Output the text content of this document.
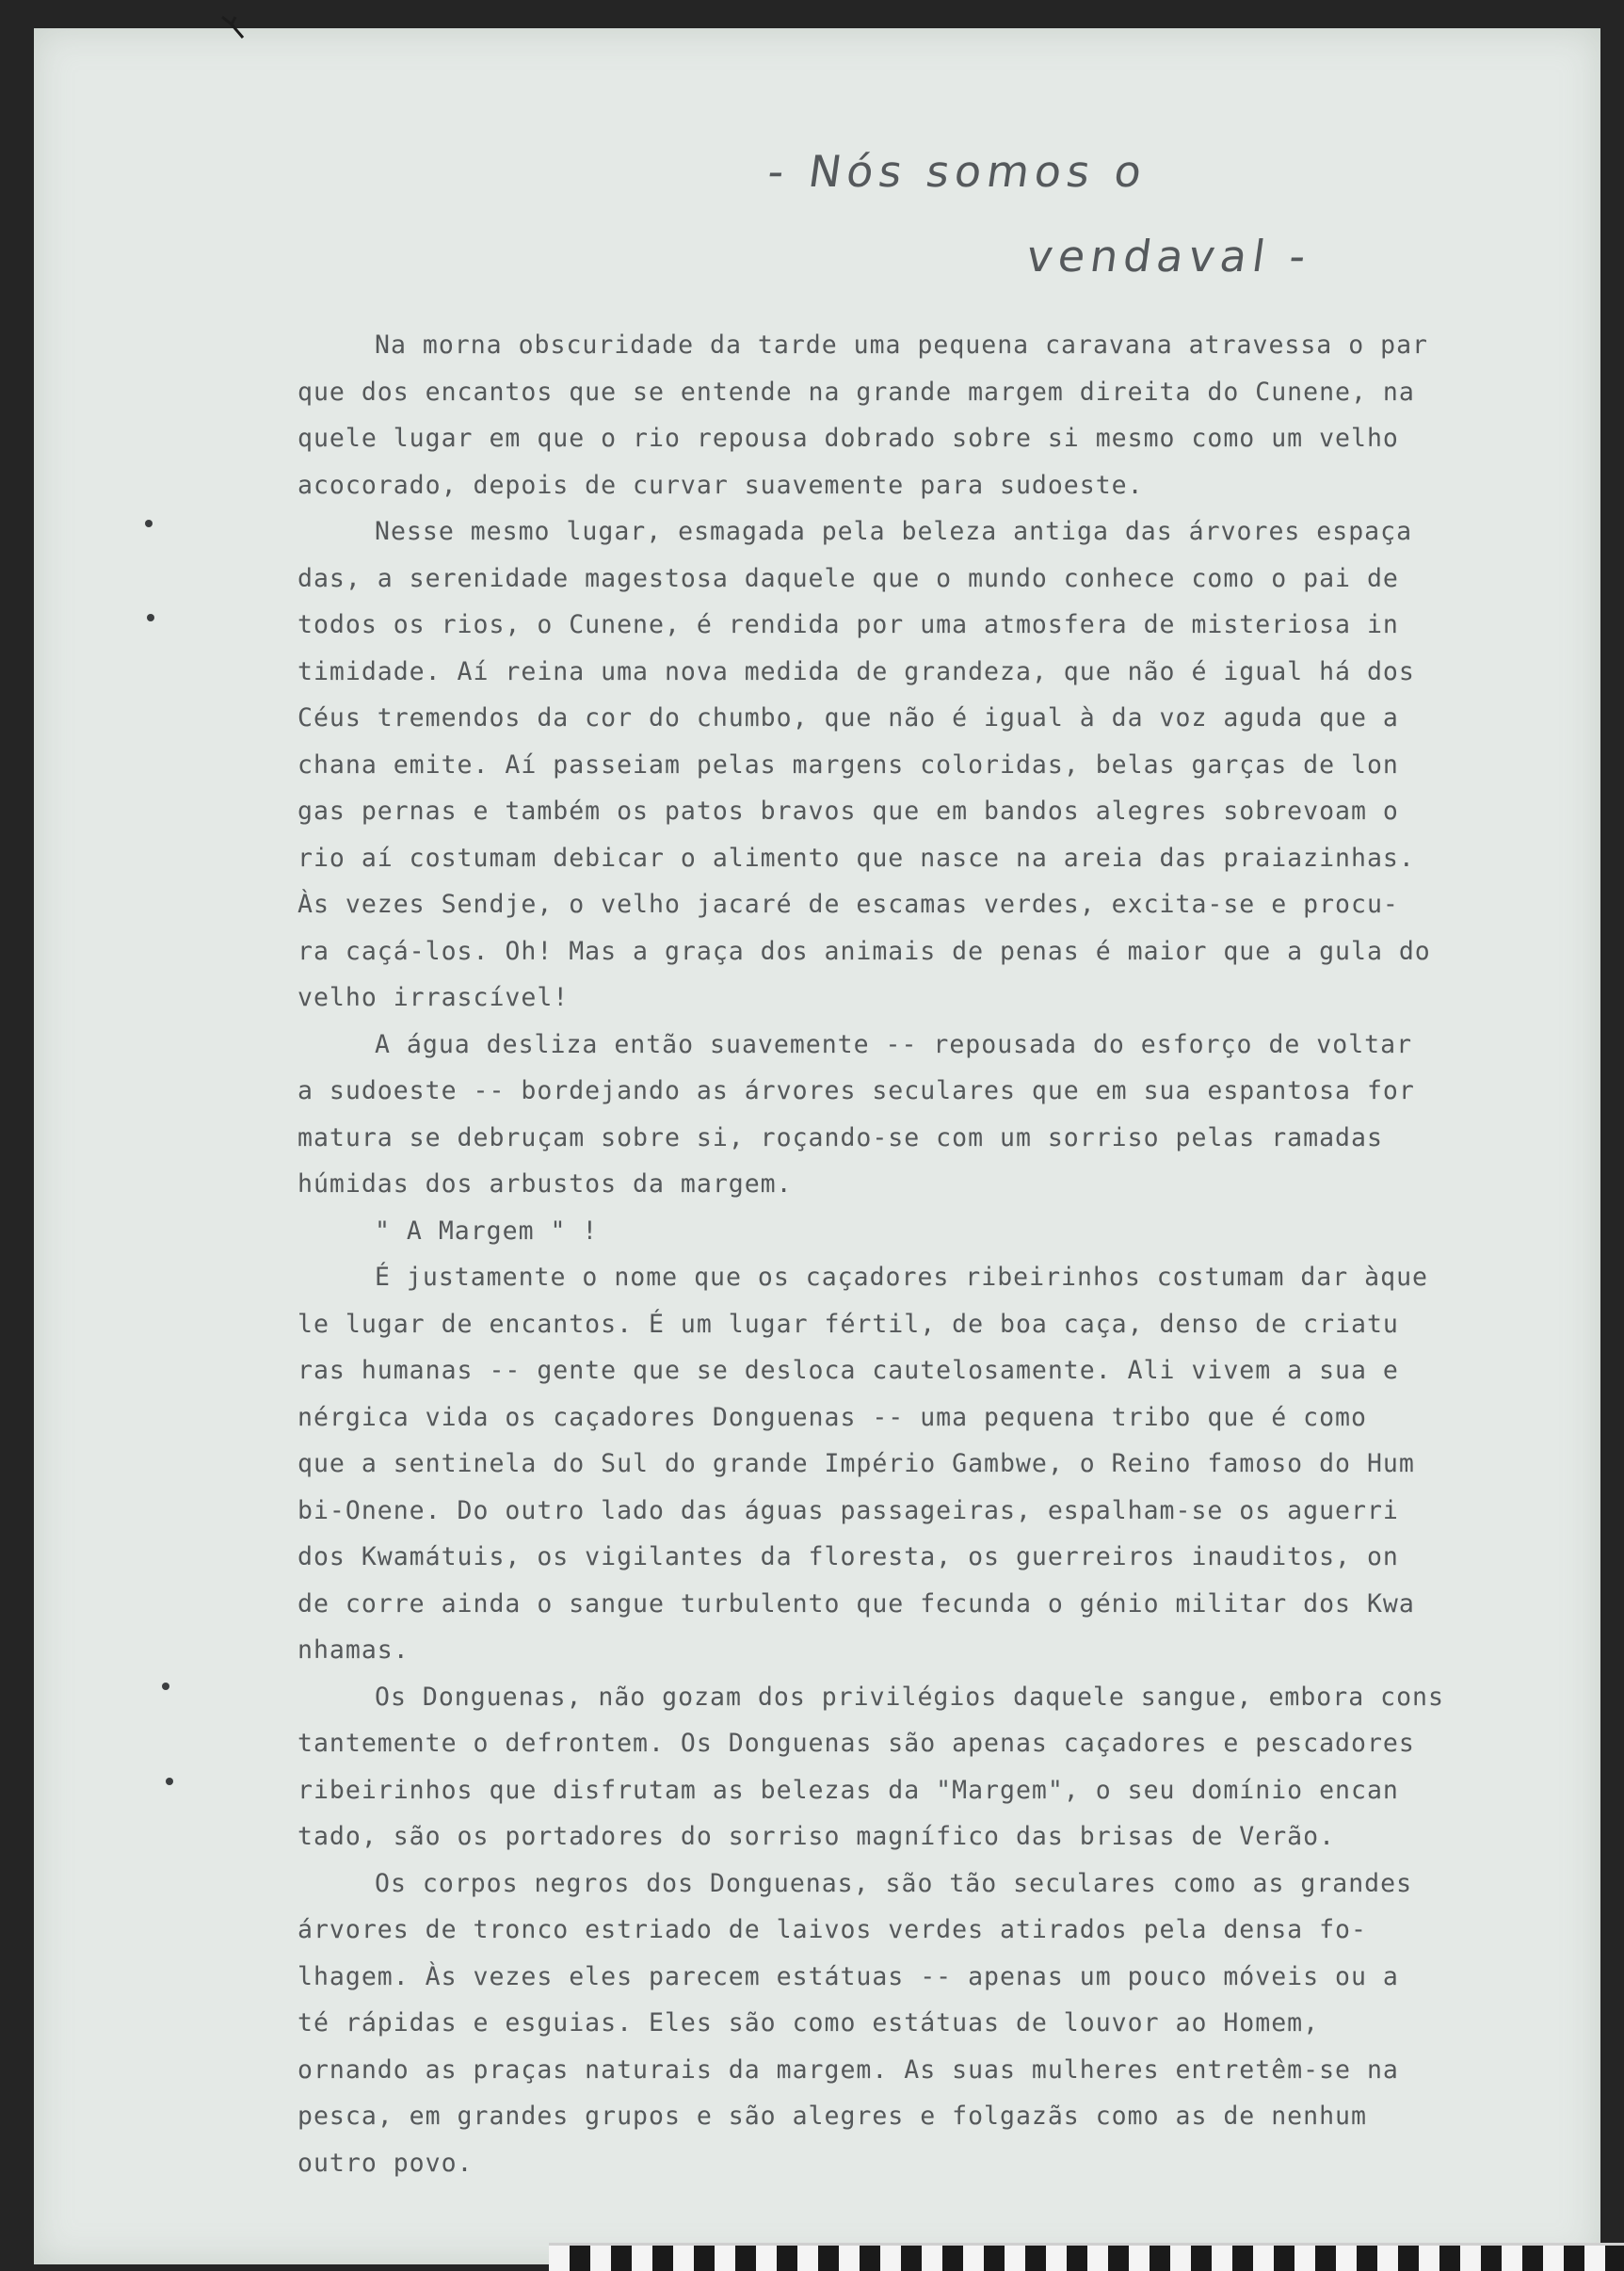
- Nós somos o
vendaval -
Na morna obscuridade da tarde uma pequena caravana atravessa o par
que dos encantos que se entende na grande margem direita do Cunene, na
quele lugar em que o rio repousa dobrado sobre si mesmo como um velho
acocorado, depois de curvar suavemente para sudoeste.
Nesse mesmo lugar, esmagada pela beleza antiga das árvores espaça
das, a serenidade magestosa daquele que o mundo conhece como o pai de
todos os rios, o Cunene, é rendida por uma atmosfera de misteriosa in
timidade. Aí reina uma nova medida de grandeza, que não é igual há dos
Céus tremendos da cor do chumbo, que não é igual à da voz aguda que a
chana emite. Aí passeiam pelas margens coloridas, belas garças de lon
gas pernas e também os patos bravos que em bandos alegres sobrevoam o
rio aí costumam debicar o alimento que nasce na areia das praiazinhas.
Às vezes Sendje, o velho jacaré de escamas verdes, excita-se e procu-
ra caçá-los. Oh! Mas a graça dos animais de penas é maior que a gula do
velho irrascível!
A água desliza então suavemente -- repousada do esforço de voltar
a sudoeste -- bordejando as árvores seculares que em sua espantosa for
matura se debruçam sobre si, roçando-se com um sorriso pelas ramadas
húmidas dos arbustos da margem.
" A Margem " !
É justamente o nome que os caçadores ribeirinhos costumam dar àque
le lugar de encantos. É um lugar fértil, de boa caça, denso de criatu
ras humanas -- gente que se desloca cautelosamente. Ali vivem a sua e
nérgica vida os caçadores Donguenas -- uma pequena tribo que é como
que a sentinela do Sul do grande Império Gambwe, o Reino famoso do Hum
bi-Onene. Do outro lado das águas passageiras, espalham-se os aguerri
dos Kwamátuis, os vigilantes da floresta, os guerreiros inauditos, on
de corre ainda o sangue turbulento que fecunda o génio militar dos Kwa
nhamas.
Os Donguenas, não gozam dos privilégios daquele sangue, embora cons
tantemente o defrontem. Os Donguenas são apenas caçadores e pescadores
ribeirinhos que disfrutam as belezas da "Margem", o seu domínio encan
tado, são os portadores do sorriso magnífico das brisas de Verão.
Os corpos negros dos Donguenas, são tão seculares como as grandes
árvores de tronco estriado de laivos verdes atirados pela densa fo-
lhagem. Às vezes eles parecem estátuas -- apenas um pouco móveis ou a
té rápidas e esguias. Eles são como estátuas de louvor ao Homem,
ornando as praças naturais da margem. As suas mulheres entretêm-se na
pesca, em grandes grupos e são alegres e folgazãs como as de nenhum
outro povo.
